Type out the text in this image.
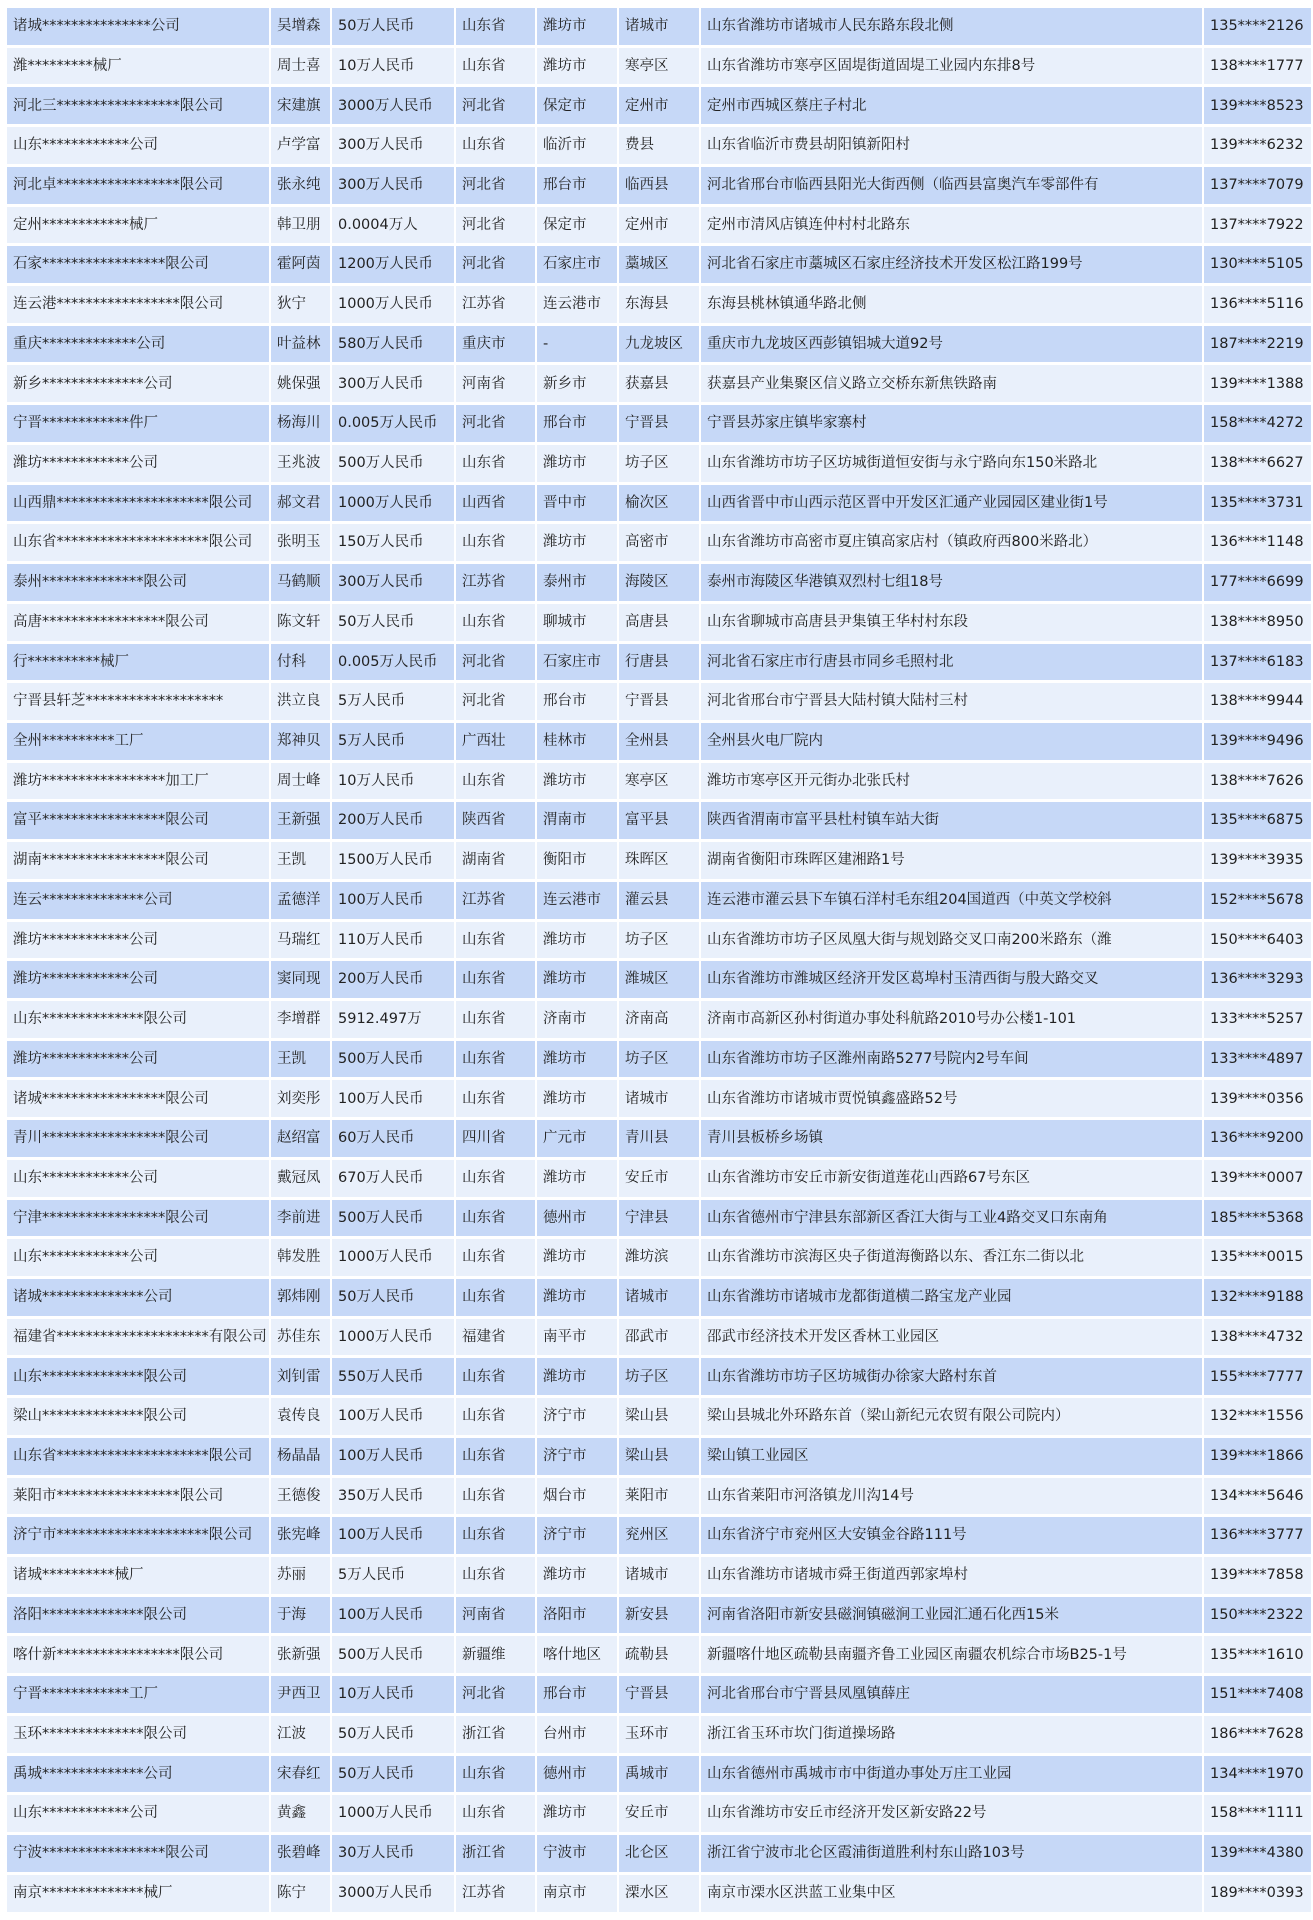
诸城***************公司	吴增森	50万人民币	山东省	潍坊市	诸城市	山东省潍坊市诸城市人民东路东段北侧	135****2126
潍*********械厂	周士喜	10万人民币	山东省	潍坊市	寒亭区	山东省潍坊市寒亭区固堤街道固堤工业园内东排8号	138****1777
河北三*****************限公司	宋建旗	3000万人民币	河北省	保定市	定州市	定州市西城区蔡庄子村北	139****8523
山东************公司	卢学富	300万人民币	山东省	临沂市	费县	山东省临沂市费县胡阳镇新阳村	139****6232
河北卓*****************限公司	张永纯	300万人民币	河北省	邢台市	临西县	河北省邢台市临西县阳光大街西侧（临西县富奥汽车零部件有	137****7079
定州************械厂	韩卫朋	0.0004万人	河北省	保定市	定州市	定州市清风店镇连仲村村北路东	137****7922
石家*****************限公司	霍阿茵	1200万人民币	河北省	石家庄市	藁城区	河北省石家庄市藁城区石家庄经济技术开发区松江路199号	130****5105
连云港*****************限公司	狄宁	1000万人民币	江苏省	连云港市	东海县	东海县桃林镇通华路北侧	136****5116
重庆*************公司	叶益林	580万人民币	重庆市	-	九龙坡区	重庆市九龙坡区西彭镇铝城大道92号	187****2219
新乡**************公司	姚保强	300万人民币	河南省	新乡市	获嘉县	获嘉县产业集聚区信义路立交桥东新焦铁路南	139****1388
宁晋************件厂	杨海川	0.005万人民币	河北省	邢台市	宁晋县	宁晋县苏家庄镇毕家寨村	158****4272
潍坊************公司	王兆波	500万人民币	山东省	潍坊市	坊子区	山东省潍坊市坊子区坊城街道恒安街与永宁路向东150米路北	138****6627
山西鼎*********************限公司	郝文君	1000万人民币	山西省	晋中市	榆次区	山西省晋中市山西示范区晋中开发区汇通产业园园区建业街1号	135****3731
山东省*********************限公司	张明玉	150万人民币	山东省	潍坊市	高密市	山东省潍坊市高密市夏庄镇高家店村（镇政府西800米路北）	136****1148
泰州**************限公司	马鹤顺	300万人民币	江苏省	泰州市	海陵区	泰州市海陵区华港镇双烈村七组18号	177****6699
高唐*****************限公司	陈文轩	50万人民币	山东省	聊城市	高唐县	山东省聊城市高唐县尹集镇王华村村东段	138****8950
行**********械厂	付科	0.005万人民币	河北省	石家庄市	行唐县	河北省石家庄市行唐县市同乡毛照村北	137****6183
宁晋县轩芝*******************	洪立良	5万人民币	河北省	邢台市	宁晋县	河北省邢台市宁晋县大陆村镇大陆村三村	138****9944
全州**********工厂	郑神贝	5万人民币	广西壮	桂林市	全州县	全州县火电厂院内	139****9496
潍坊*****************加工厂	周士峰	10万人民币	山东省	潍坊市	寒亭区	潍坊市寒亭区开元街办北张氏村	138****7626
富平*****************限公司	王新强	200万人民币	陕西省	渭南市	富平县	陕西省渭南市富平县杜村镇车站大街	135****6875
湖南*****************限公司	王凯	1500万人民币	湖南省	衡阳市	珠晖区	湖南省衡阳市珠晖区建湘路1号	139****3935
连云**************公司	孟德洋	100万人民币	江苏省	连云港市	灌云县	连云港市灌云县下车镇石洋村毛东组204国道西（中英文学校斜	152****5678
潍坊************公司	马瑞红	110万人民币	山东省	潍坊市	坊子区	山东省潍坊市坊子区凤凰大街与规划路交叉口南200米路东（潍	150****6403
潍坊************公司	窦同现	200万人民币	山东省	潍坊市	潍城区	山东省潍坊市潍城区经济开发区葛埠村玉清西街与殷大路交叉	136****3293
山东**************限公司	李增群	5912.497万	山东省	济南市	济南高	济南市高新区孙村街道办事处科航路2010号办公楼1-101	133****5257
潍坊************公司	王凯	500万人民币	山东省	潍坊市	坊子区	山东省潍坊市坊子区潍州南路5277号院内2号车间	133****4897
诸城*****************限公司	刘奕彤	100万人民币	山东省	潍坊市	诸城市	山东省潍坊市诸城市贾悦镇鑫盛路52号	139****0356
青川*****************限公司	赵绍富	60万人民币	四川省	广元市	青川县	青川县板桥乡场镇	136****9200
山东************公司	戴冠凤	670万人民币	山东省	潍坊市	安丘市	山东省潍坊市安丘市新安街道莲花山西路67号东区	139****0007
宁津*****************限公司	李前进	500万人民币	山东省	德州市	宁津县	山东省德州市宁津县东部新区香江大街与工业4路交叉口东南角	185****5368
山东************公司	韩发胜	1000万人民币	山东省	潍坊市	潍坊滨	山东省潍坊市滨海区央子街道海衡路以东、香江东二街以北	135****0015
诸城**************公司	郭炜刚	50万人民币	山东省	潍坊市	诸城市	山东省潍坊市诸城市龙都街道横二路宝龙产业园	132****9188
福建省*********************有限公司	苏佳东	1000万人民币	福建省	南平市	邵武市	邵武市经济技术开发区香林工业园区	138****4732
山东**************限公司	刘钊雷	550万人民币	山东省	潍坊市	坊子区	山东省潍坊市坊子区坊城街办徐家大路村东首	155****7777
梁山**************限公司	袁传良	100万人民币	山东省	济宁市	梁山县	梁山县城北外环路东首（梁山新纪元农贸有限公司院内）	132****1556
山东省*********************限公司	杨晶晶	100万人民币	山东省	济宁市	梁山县	梁山镇工业园区	139****1866
莱阳市*****************限公司	王德俊	350万人民币	山东省	烟台市	莱阳市	山东省莱阳市河洛镇龙川沟14号	134****5646
济宁市*********************限公司	张宪峰	100万人民币	山东省	济宁市	兖州区	山东省济宁市兖州区大安镇金谷路111号	136****3777
诸城**********械厂	苏丽	5万人民币	山东省	潍坊市	诸城市	山东省潍坊市诸城市舜王街道西郭家埠村	139****7858
洛阳**************限公司	于海	100万人民币	河南省	洛阳市	新安县	河南省洛阳市新安县磁涧镇磁涧工业园汇通石化西15米	150****2322
喀什新*****************限公司	张新强	500万人民币	新疆维	喀什地区	疏勒县	新疆喀什地区疏勒县南疆齐鲁工业园区南疆农机综合市场B25-1号	135****1610
宁晋************工厂	尹西卫	10万人民币	河北省	邢台市	宁晋县	河北省邢台市宁晋县凤凰镇薛庄	151****7408
玉环**************限公司	江波	50万人民币	浙江省	台州市	玉环市	浙江省玉环市坎门街道操场路	186****7628
禹城**************公司	宋春红	50万人民币	山东省	德州市	禹城市	山东省德州市禹城市市中街道办事处万庄工业园	134****1970
山东************公司	黄鑫	1000万人民币	山东省	潍坊市	安丘市	山东省潍坊市安丘市经济开发区新安路22号	158****1111
宁波*****************限公司	张碧峰	30万人民币	浙江省	宁波市	北仑区	浙江省宁波市北仑区霞浦街道胜利村东山路103号	139****4380
南京**************械厂	陈宁	3000万人民币	江苏省	南京市	溧水区	南京市溧水区洪蓝工业集中区	189****0393
